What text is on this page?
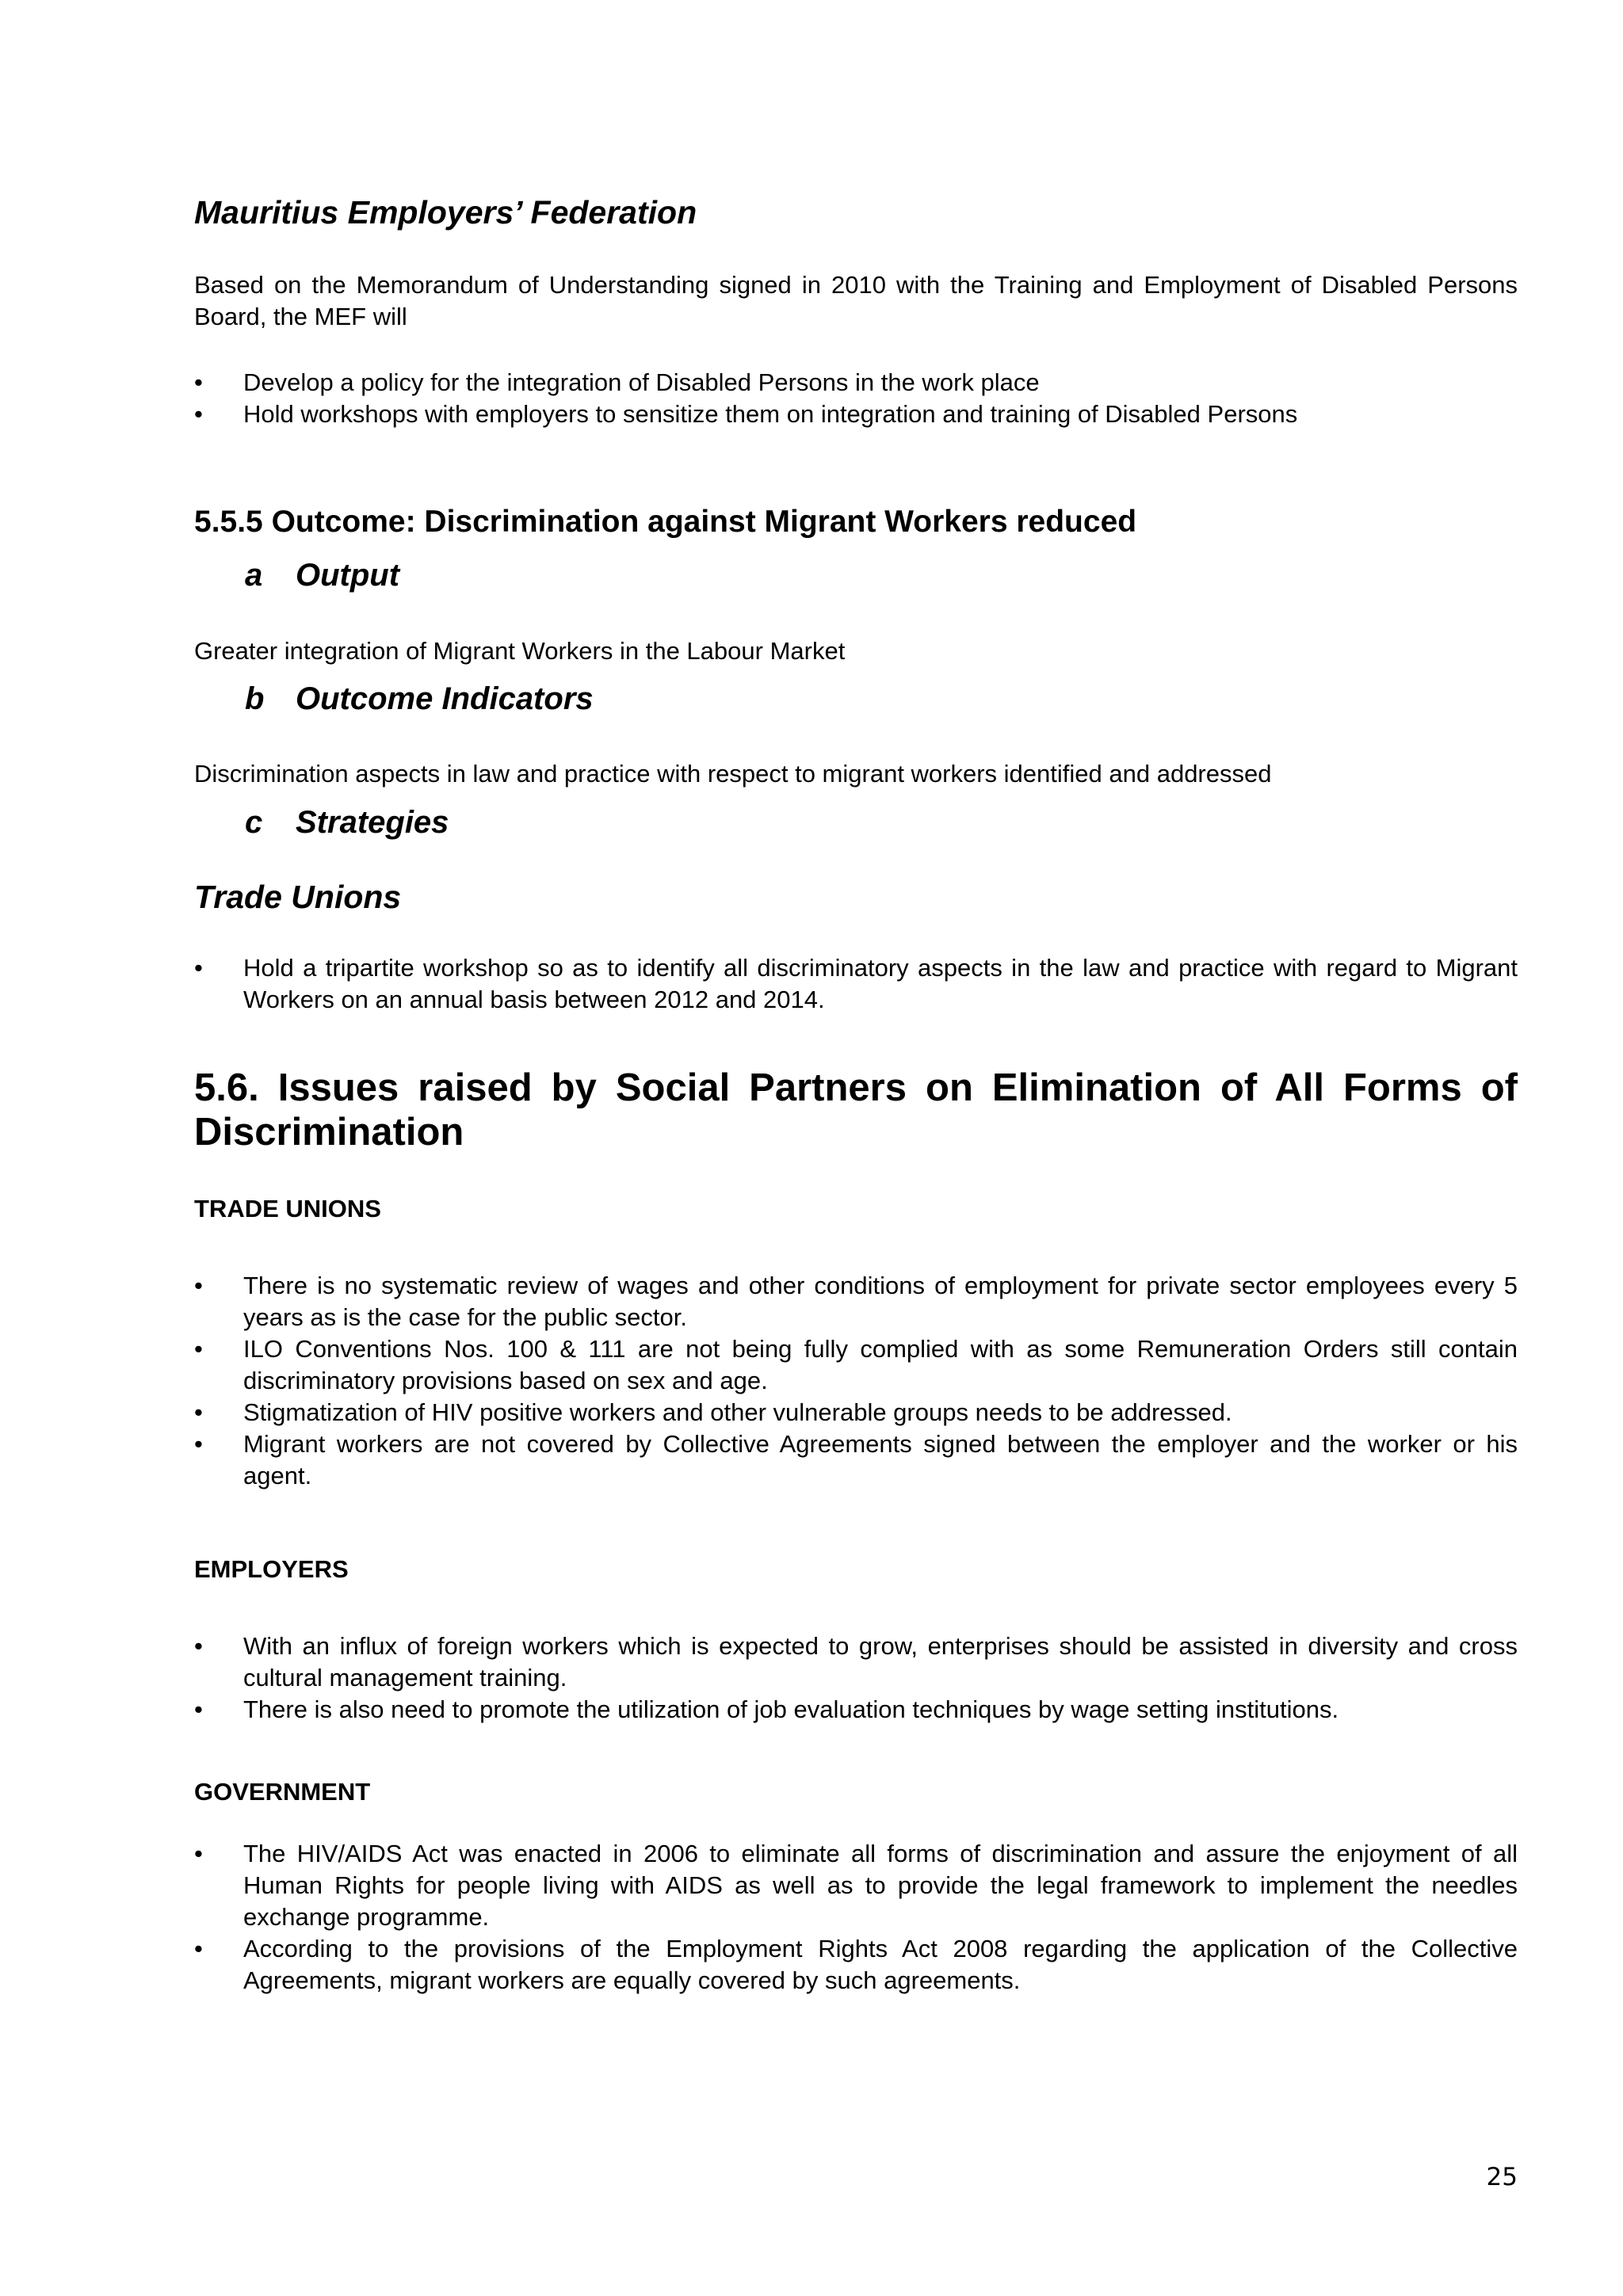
Mauritius Employers’ Federation

Based on the Memorandum of Understanding signed in 2010 with the Training and Employment of Disabled Persons Board, the MEF will

• Develop a policy for the integration of Disabled Persons in the work place
• Hold workshops with employers to sensitize them on integration and training of Disabled Persons
5.5.5 Outcome: Discrimination against Migrant Workers reduced
a Output

Greater integration of Migrant Workers in the Labour Market

b Outcome Indicators

Discrimination aspects in law and practice with respect to migrant workers identified and addressed

c Strategies
Trade Unions
• Hold a tripartite workshop so as to identify all discriminatory aspects in the law and practice with regard to Migrant Workers on an annual basis between 2012 and 2014.
5.6. Issues raised by Social Partners on Elimination of All Forms of Discrimination
TRADE UNIONS
• There is no systematic review of wages and other conditions of employment for private sector employees every 5 years as is the case for the public sector.
• ILO Conventions Nos. 100 & 111 are not being fully complied with as some Remuneration Orders still contain discriminatory provisions based on sex and age.
• Stigmatization of HIV positive workers and other vulnerable groups needs to be addressed.
• Migrant workers are not covered by Collective Agreements signed between the employer and the worker or his agent.
EMPLOYERS
• With an influx of foreign workers which is expected to grow, enterprises should be assisted in diversity and cross cultural management training.
• There is also need to promote the utilization of job evaluation techniques by wage setting institutions.
GOVERNMENT
• The HIV/AIDS Act was enacted in 2006 to eliminate all forms of discrimination and assure the enjoyment of all Human Rights for people living with AIDS as well as to provide the legal framework to implement the needles exchange programme.
• According to the provisions of the Employment Rights Act 2008 regarding the application of the Collective Agreements, migrant workers are equally covered by such agreements.
25
